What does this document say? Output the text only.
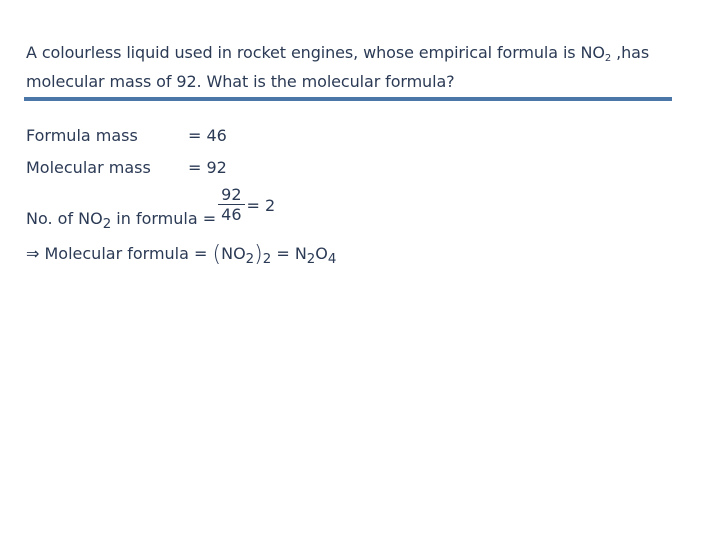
A colourless liquid used in rocket engines, whose empirical formula is $NO_2$ ,has molecular mass of 92. What is the molecular formula?
Formula mass	= 46
Molecular mass = 92
No. of $NO_2$ in formula = $\frac{92}{46} = 2$
⇒ Molecular formula = $(NO_2)_2 = N_2O_4$
